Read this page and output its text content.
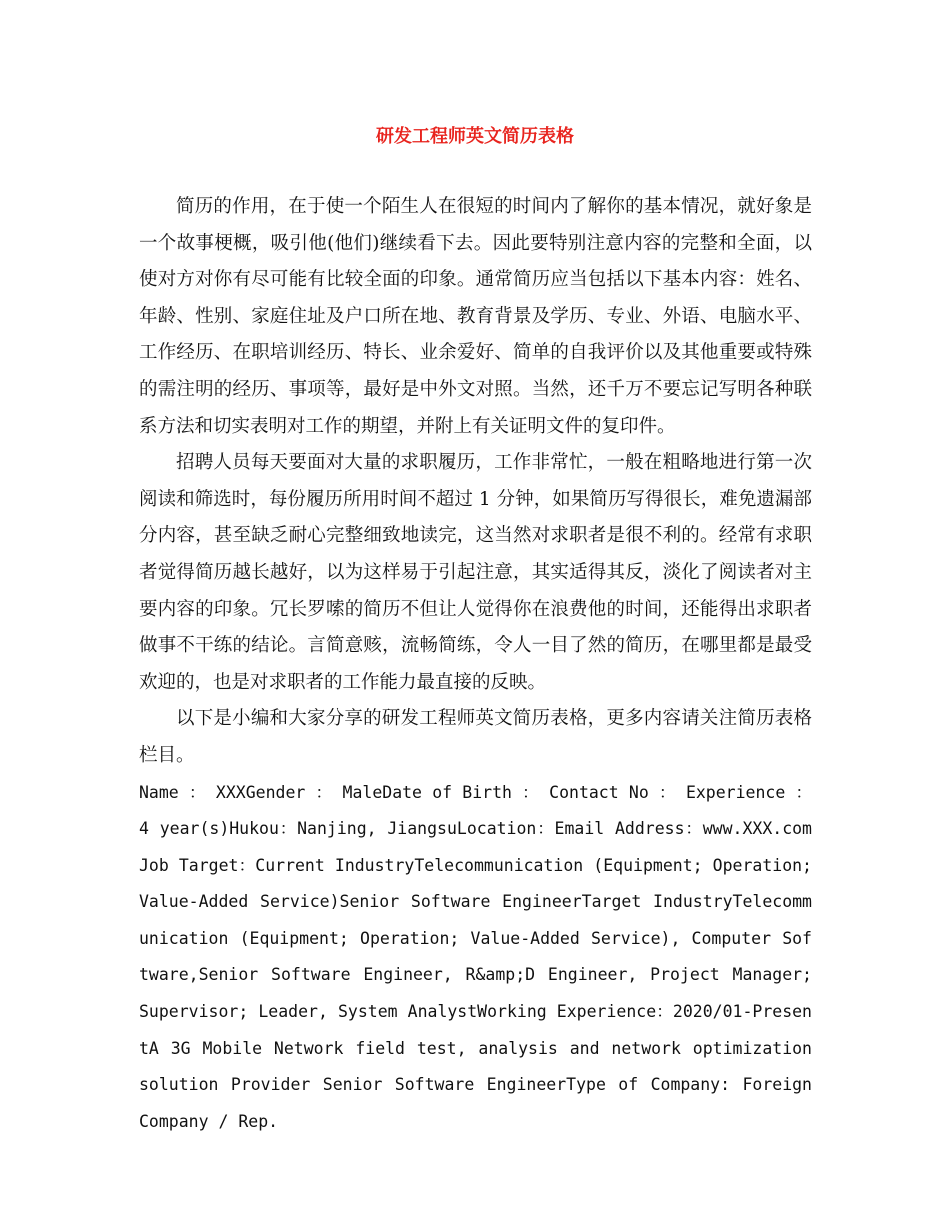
研发工程师英文简历表格

简历的作用，在于使一个陌生人在很短的时间内了解你的基本情况，就好象是一个故事梗概，吸引他(他们)继续看下去。因此要特别注意内容的完整和全面，以使对方对你有尽可能有比较全面的印象。通常简历应当包括以下基本内容：姓名、年龄、性别、家庭住址及户口所在地、教育背景及学历、专业、外语、电脑水平、工作经历、在职培训经历、特长、业余爱好、简单的自我评价以及其他重要或特殊的需注明的经历、事项等，最好是中外文对照。当然，还千万不要忘记写明各种联系方法和切实表明对工作的期望，并附上有关证明文件的复印件。

招聘人员每天要面对大量的求职履历，工作非常忙，一般在粗略地进行第一次阅读和筛选时，每份履历所用时间不超过 1 分钟，如果简历写得很长，难免遗漏部分内容，甚至缺乏耐心完整细致地读完，这当然对求职者是很不利的。经常有求职者觉得简历越长越好，以为这样易于引起注意，其实适得其反，淡化了阅读者对主要内容的印象。冗长罗嗦的简历不但让人觉得你在浪费他的时间，还能得出求职者做事不干练的结论。言简意赅，流畅简练，令人一目了然的简历，在哪里都是最受欢迎的，也是对求职者的工作能力最直接的反映。

以下是小编和大家分享的研发工程师英文简历表格，更多内容请关注简历表格栏目。

Name ： XXXGender ： MaleDate of Birth ： Contact No ： Experience ： 4 year(s)Hukou：Nanjing, JiangsuLocation：Email Address：www.XXX.comJob Target：Current IndustryTelecommunication (Equipment; Operation; Value-Added Service)Senior Software EngineerTarget IndustryTelecommunication (Equipment; Operation; Value-Added Service), Computer Software,Senior Software Engineer, R&amp;D Engineer, Project Manager; Supervisor; Leader, System AnalystWorking Experience：2020/01-PresentA 3G Mobile Network field test, analysis and network optimization solution Provider Senior Software EngineerType of Company: Foreign Company / Rep.
